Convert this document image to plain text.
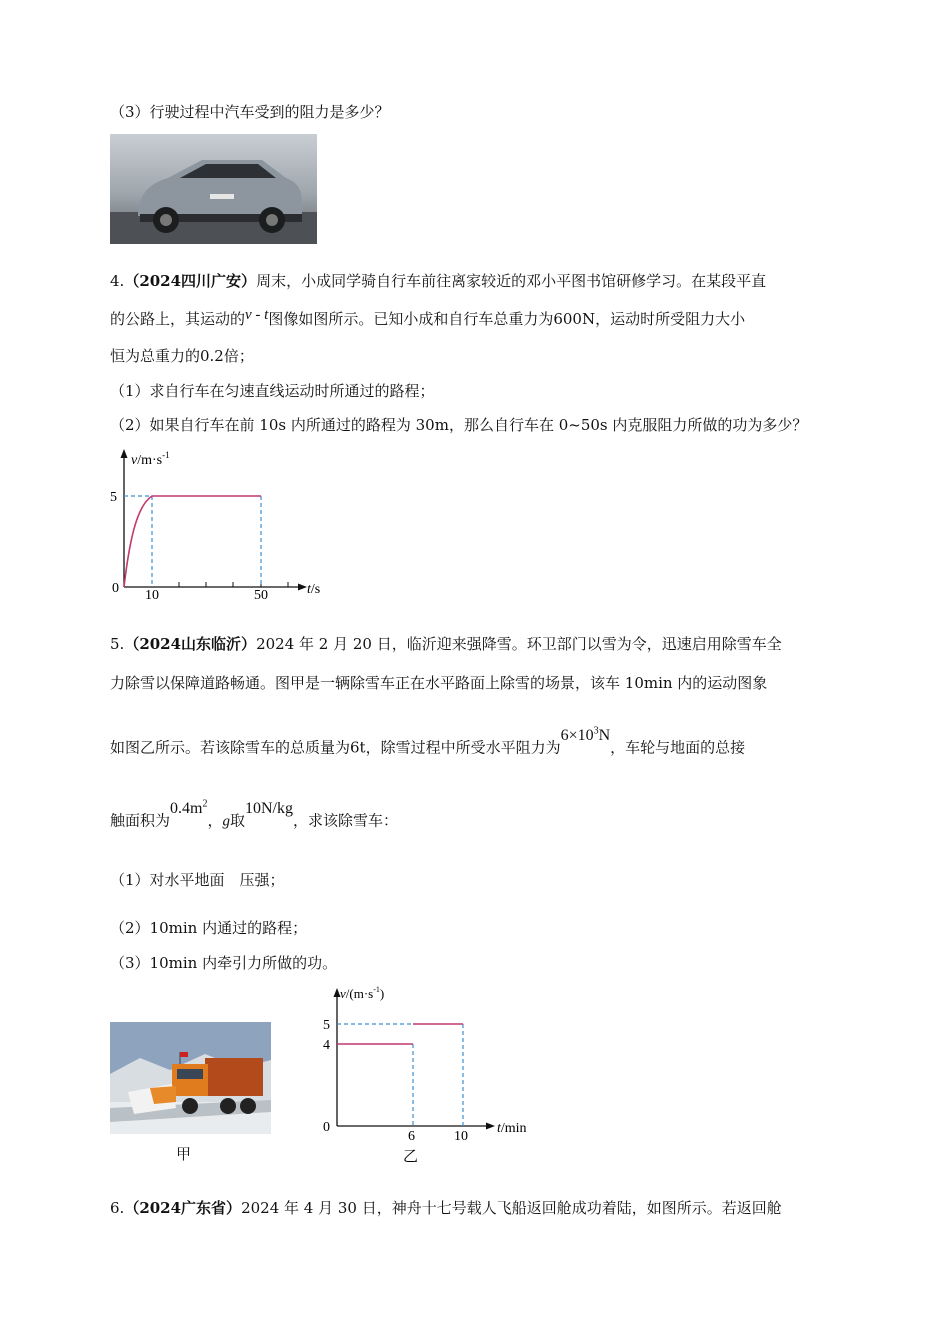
（3）行驶过程中汽车受到的阻力是多少？
4.（2024四川广安）周末，小成同学骑自行车前往离家较近的邓小平图书馆研修学习。在某段平直
的公路上，其运动的v - t图像如图所示。已知小成和自行车总重力为600N，运动时所受阻力大小
恒为总重力的0.2倍；
（1）求自行车在匀速直线运动时所通过的路程；
（2）如果自行车在前 10s 内所通过的路程为 30m，那么自行车在 0~50s 内克服阻力所做的功为多少？
$v/m\cdot s^{-1}$
t/s
0
5
10	50
5.（2024山东临沂）2024 年 2 月 20 日，临沂迎来强降雪。环卫部门以雪为令，迅速启用除雪车全
力除雪以保障道路畅通。图甲是一辆除雪车正在水平路面上除雪的场景，该车 10min 内的运动图象
如图乙所示。若该除雪车的总质量为6t，除雪过程中所受水平阻力为$6\times 10^3N$，车轮与地面的总接
触面积为$0.4m^2$，g取10N/kg，求该除雪车：
（1）对水平地面　压强；
（2）10min 内通过的路程；
（3）10min 内牵引力所做的功。
甲
$v/(m\cdot s^{-1})$
t/min
0
5
4
6	10
乙
6.（2024广东省）2024 年 4 月 30 日，神舟十七号载人飞船返回舱成功着陆，如图所示。若返回舱
